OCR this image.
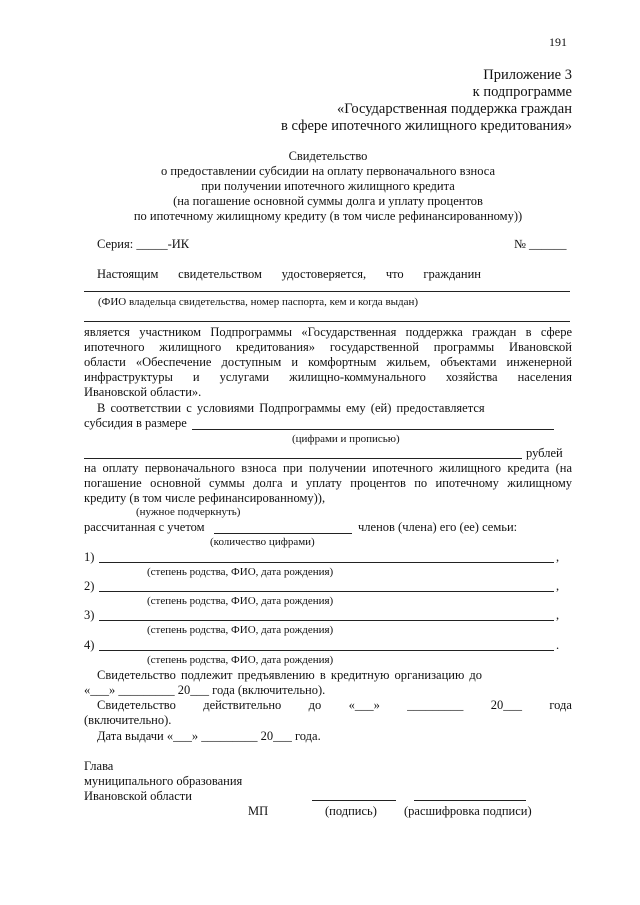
191
Приложение 3
к подпрограмме
«Государственная поддержка граждан
в сфере ипотечного жилищного кредитования»
Свидетельство
о предоставлении субсидии на оплату первоначального взноса
при получении ипотечного жилищного кредита
(на погашение основной суммы долга и уплату процентов
по ипотечному жилищному кредиту (в том числе рефинансированному))
Серия: _____-ИК	№ ______
Настоящим свидетельством удостоверяется, что гражданин
(ФИО владельца свидетельства, номер паспорта, кем и когда выдан)
является участником Подпрограммы «Государственная поддержка граждан в сфере
ипотечного жилищного кредитования» государственной программы Ивановской
области «Обеспечение доступным и комфортным жильем, объектами инженерной
инфраструктуры и услугами жилищно-коммунального хозяйства населения
Ивановской области».
В соответствии с условиями Подпрограммы ему (ей) предоставляется
субсидия в размере
(цифрами и прописью)
рублей
на оплату первоначального взноса при получении ипотечного жилищного кредита (на
погашение основной суммы долга и уплату процентов по ипотечному жилищному
кредиту (в том числе рефинансированному)),
(нужное подчеркнуть)
рассчитанная с учетом	членов (члена) его (ее) семьи:
(количество цифрами)
1)	,
(степень родства, ФИО, дата рождения)
2)	,
(степень родства, ФИО, дата рождения)
3)	,
(степень родства, ФИО, дата рождения)
4)	.
(степень родства, ФИО, дата рождения)
Свидетельство подлежит предъявлению в кредитную организацию до
«___» _________ 20___ года (включительно).
Свидетельство действительно до «___» _________ 20___ года
(включительно).
Дата выдачи «___» _________ 20___ года.
Глава
муниципального образования
Ивановской области
МП	(подпись) (расшифровка подписи)
